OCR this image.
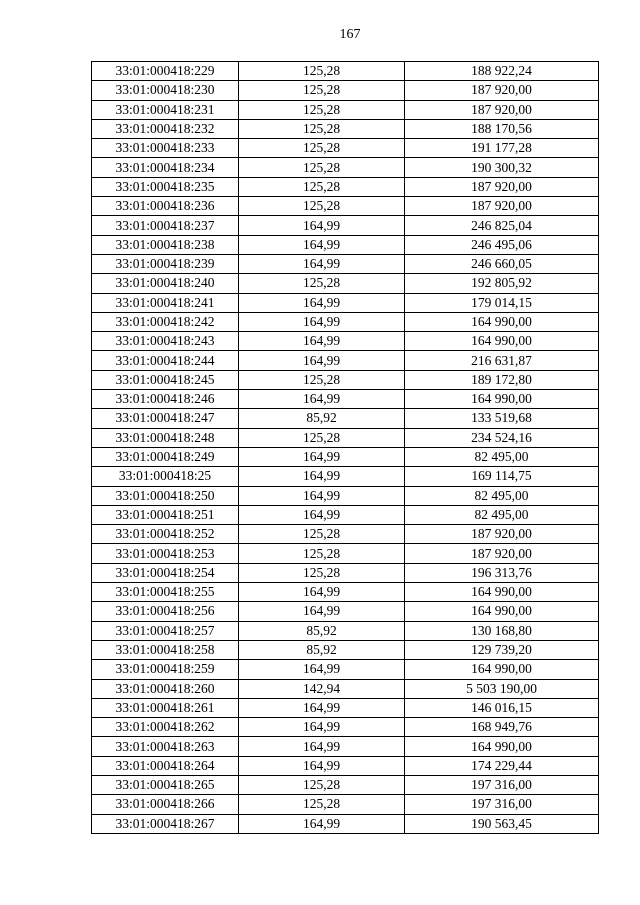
167
33:01:000418:229	125,28	188 922,24
33:01:000418:230	125,28	187 920,00
33:01:000418:231	125,28	187 920,00
33:01:000418:232	125,28	188 170,56
33:01:000418:233	125,28	191 177,28
33:01:000418:234	125,28	190 300,32
33:01:000418:235	125,28	187 920,00
33:01:000418:236	125,28	187 920,00
33:01:000418:237	164,99	246 825,04
33:01:000418:238	164,99	246 495,06
33:01:000418:239	164,99	246 660,05
33:01:000418:240	125,28	192 805,92
33:01:000418:241	164,99	179 014,15
33:01:000418:242	164,99	164 990,00
33:01:000418:243	164,99	164 990,00
33:01:000418:244	164,99	216 631,87
33:01:000418:245	125,28	189 172,80
33:01:000418:246	164,99	164 990,00
33:01:000418:247	85,92	133 519,68
33:01:000418:248	125,28	234 524,16
33:01:000418:249	164,99	82 495,00
33:01:000418:25	164,99	169 114,75
33:01:000418:250	164,99	82 495,00
33:01:000418:251	164,99	82 495,00
33:01:000418:252	125,28	187 920,00
33:01:000418:253	125,28	187 920,00
33:01:000418:254	125,28	196 313,76
33:01:000418:255	164,99	164 990,00
33:01:000418:256	164,99	164 990,00
33:01:000418:257	85,92	130 168,80
33:01:000418:258	85,92	129 739,20
33:01:000418:259	164,99	164 990,00
33:01:000418:260	142,94	5 503 190,00
33:01:000418:261	164,99	146 016,15
33:01:000418:262	164,99	168 949,76
33:01:000418:263	164,99	164 990,00
33:01:000418:264	164,99	174 229,44
33:01:000418:265	125,28	197 316,00
33:01:000418:266	125,28	197 316,00
33:01:000418:267	164,99	190 563,45
